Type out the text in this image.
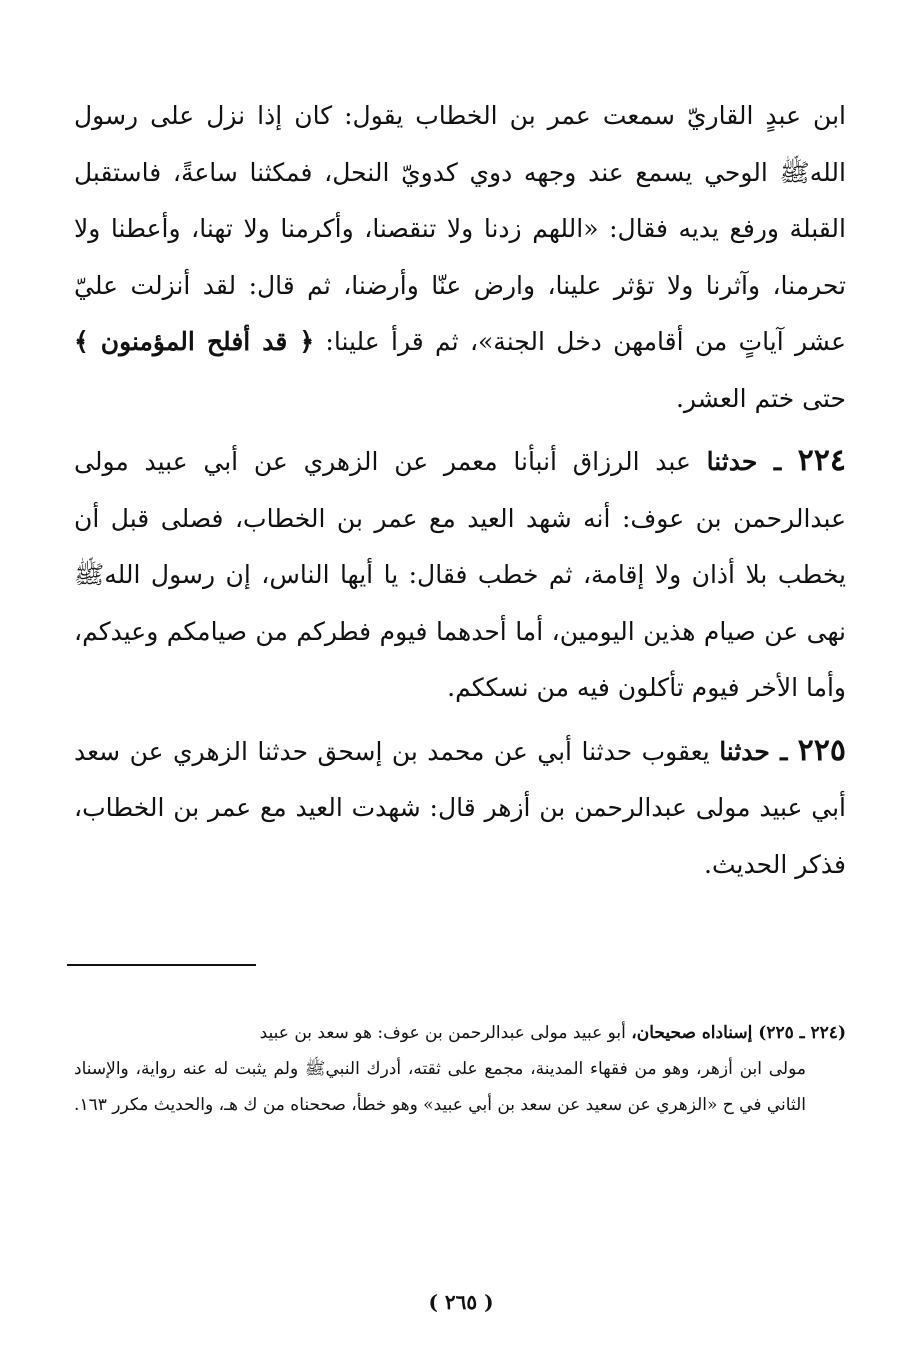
ابن عبدٍ القاريّ سمعت عمر بن الخطاب يقول: كان إذا نزل على رسول اللهﷺ الوحي يسمع عند وجهه دوي كدويّ النحل، فمكثنا ساعةً، فاستقبل القبلة ورفع يديه فقال: «اللهم زدنا ولا تنقصنا، وأكرمنا ولا تهنا، وأعطنا ولا تحرمنا، وآثرنا ولا تؤثر علينا، وارض عنّا وأرضنا، ثم قال: لقد أنزلت عليّ عشر آياتٍ من أقامهن دخل الجنة»، ثم قرأ علينا: ﴿ قد أفلح المؤمنون ﴾ حتى ختم العشر.

٢٢٤ ـ حدثنا عبد الرزاق أنبأنا معمر عن الزهري عن أبي عبيد مولى عبدالرحمن بن عوف: أنه شهد العيد مع عمر بن الخطاب، فصلى قبل أن يخطب بلا أذان ولا إقامة، ثم خطب فقال: يا أيها الناس، إن رسول اللهﷺ نهى عن صيام هذين اليومين، أما أحدهما فيوم فطركم من صيامكم وعيدكم، وأما الأخر فيوم تأكلون فيه من نسككم.

٢٢٥ ـ حدثنا يعقوب حدثنا أبي عن محمد بن إسحق حدثنا الزهري عن سعد أبي عبيد مولى عبدالرحمن بن أزهر قال: شهدت العيد مع عمر بن الخطاب، فذكر الحديث.

(٢٢٤ ـ ٢٢٥) إسناداه صحيحان، أبو عبيد مولى عبدالرحمن بن عوف: هو سعد بن عبيد

مولى ابن أزهر، وهو من فقهاء المدينة، مجمع على ثقته، أدرك النبيﷺ ولم يثبت له عنه رواية، والإسناد الثاني في ح «الزهري عن سعيد عن سعد بن أبي عبيد» وهو خطأ، صححناه من ك هـ، والحديث مكرر ١٦٣.

( ٢٦٥ )
